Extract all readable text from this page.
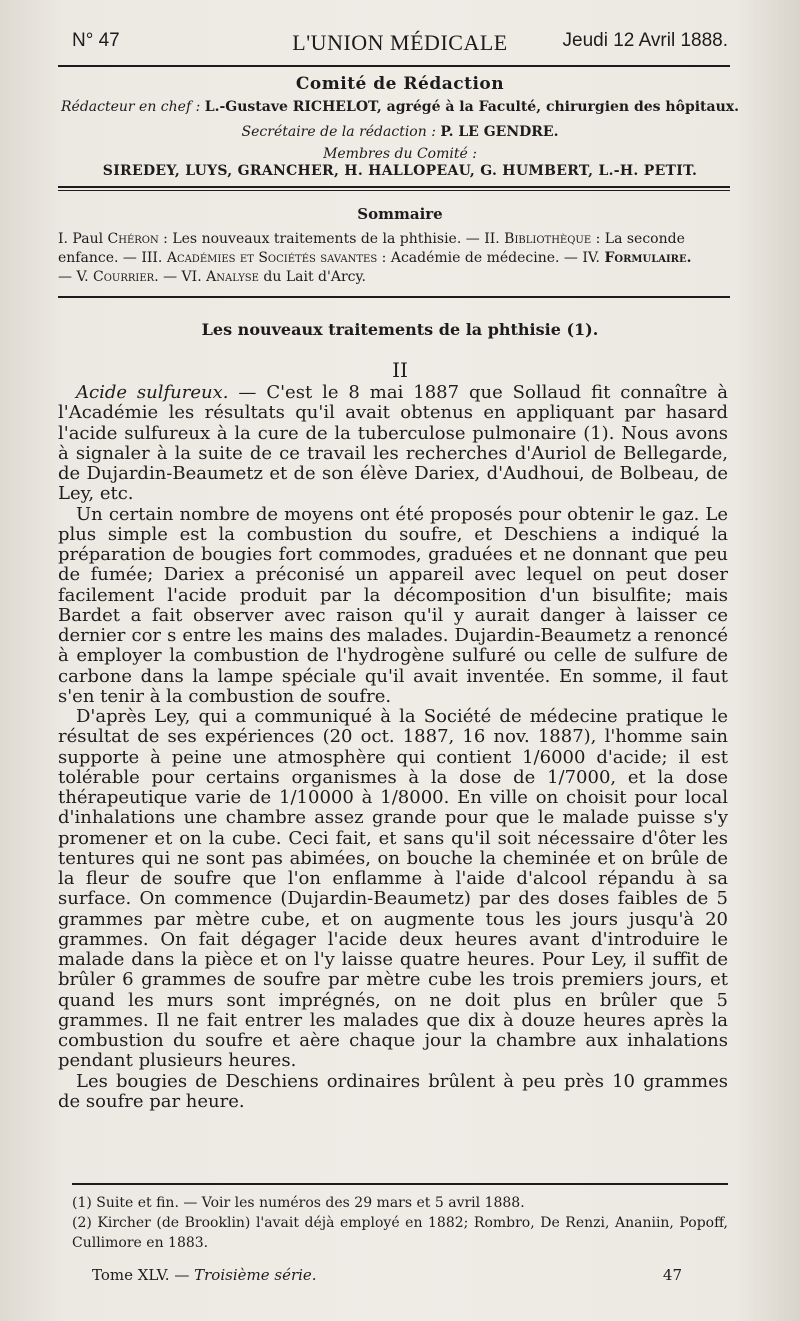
N° 47	L'UNION MÉDICALE	Jeudi 12 Avril 1888.
Comité de Rédaction
Rédacteur en chef : L.-Gustave RICHELOT, agrégé à la Faculté, chirurgien des hôpitaux.
Secrétaire de la rédaction : P. LE GENDRE.
Membres du Comité :
SIREDEY, LUYS, GRANCHER, H. HALLOPEAU, G. HUMBERT, L.-H. PETIT.
Sommaire
I. Paul Chéron : Les nouveaux traitements de la phthisie. — II. Bibliothèque : La seconde
enfance. — III. Académies et Sociétés savantes : Académie de médecine. — IV. Formulaire.
— V. Courrier. — VI. Analyse du Lait d'Arcy.
Les nouveaux traitements de la phthisie (1).
II

Acide sulfureux. — C'est le 8 mai 1887 que Sollaud fit connaître à l'Académie les résultats qu'il avait obtenus en appliquant par hasard l'acide sulfureux à la cure de la tuberculose pulmonaire (1). Nous avons à signaler à la suite de ce travail les recherches d'Auriol de Bellegarde, de Dujardin-Beaumetz et de son élève Dariex, d'Audhoui, de Bolbeau, de Ley, etc.

Un certain nombre de moyens ont été proposés pour obtenir le gaz. Le plus simple est la combustion du soufre, et Deschiens a indiqué la préparation de bougies fort commodes, graduées et ne donnant que peu de fumée; Dariex a préconisé un appareil avec lequel on peut doser facilement l'acide produit par la décomposition d'un bisulfite; mais Bardet a fait observer avec raison qu'il y aurait danger à laisser ce dernier cor s entre les mains des malades. Dujardin-Beaumetz a renoncé à employer la combustion de l'hydrogène sulfuré ou celle de sulfure de carbone dans la lampe spéciale qu'il avait inventée. En somme, il faut s'en tenir à la combustion de soufre.

D'après Ley, qui a communiqué à la Société de médecine pratique le résultat de ses expériences (20 oct. 1887, 16 nov. 1887), l'homme sain supporte à peine une atmosphère qui contient 1/6000 d'acide; il est tolérable pour certains organismes à la dose de 1/7000, et la dose thérapeutique varie de 1/10000 à 1/8000. En ville on choisit pour local d'inhalations une chambre assez grande pour que le malade puisse s'y promener et on la cube. Ceci fait, et sans qu'il soit nécessaire d'ôter les tentures qui ne sont pas abimées, on bouche la cheminée et on brûle de la fleur de soufre que l'on enflamme à l'aide d'alcool répandu à sa surface. On commence (Dujardin-Beaumetz) par des doses faibles de 5 grammes par mètre cube, et on augmente tous les jours jusqu'à 20 grammes. On fait dégager l'acide deux heures avant d'introduire le malade dans la pièce et on l'y laisse quatre heures. Pour Ley, il suffit de brûler 6 grammes de soufre par mètre cube les trois premiers jours, et quand les murs sont imprégnés, on ne doit plus en brûler que 5 grammes. Il ne fait entrer les malades que dix à douze heures après la combustion du soufre et aère chaque jour la chambre aux inhalations pendant plusieurs heures.

Les bougies de Deschiens ordinaires brûlent à peu près 10 grammes de soufre par heure.

(1) Suite et fin. — Voir les numéros des 29 mars et 5 avril 1888.

(2) Kircher (de Brooklin) l'avait déjà employé en 1882; Rombro, De Renzi, Ananiin, Popoff, Cullimore en 1883.

Tome XLV. — Troisième série.	47
